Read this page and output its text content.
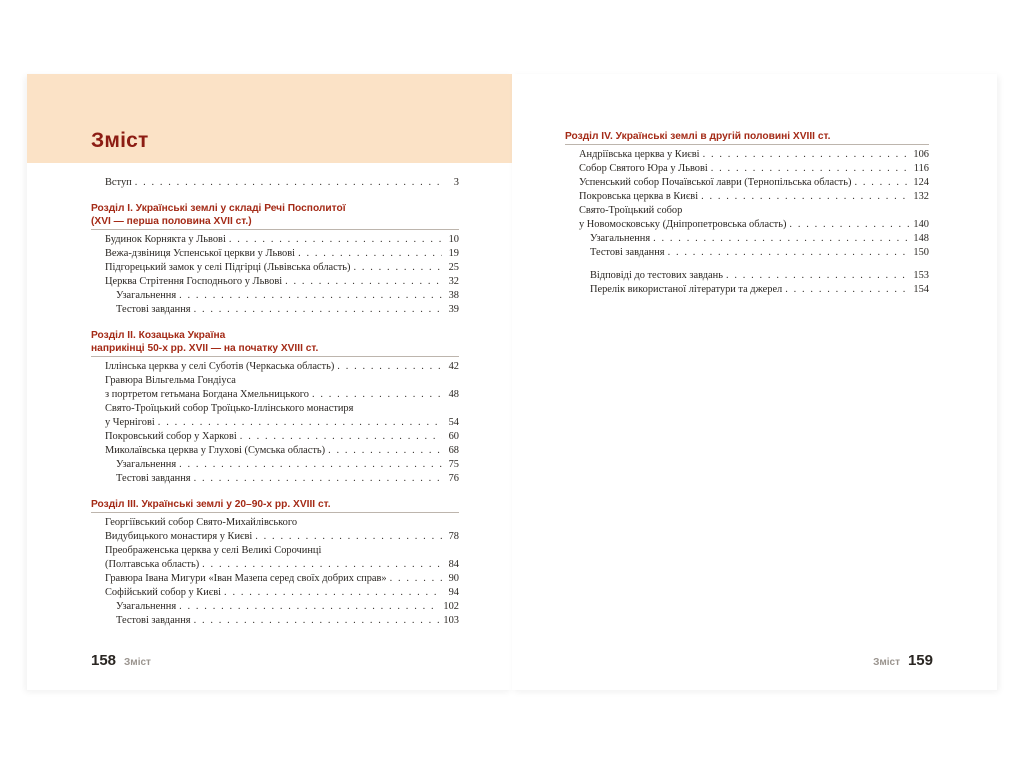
Зміст
Вступ . . .	3
Розділ I. Українські землі у складі Речі Посполитої
(XVI — перша половина XVII ст.)
Будинок Корнякта у Львові . . .	10
Вежа-дзвіниця Успенської церкви у Львові . . .	19
Підгорецький замок у селі Підгірці (Львівська область) . . .	25
Церква Стрітення Господнього у Львові . . .	32
Узагальнення . . .	38
Тестові завдання . . .	39
Розділ II. Козацька Україна
наприкінці 50-х рр. XVII — на початку XVIII ст.
Іллінська церква у селі Суботів (Черкаська область) . . .	42
Гравюра Вільгельма Гондіуса
з портретом гетьмана Богдана Хмельницького . . .	48
Свято-Троїцький собор Троїцько-Іллінського монастиря
у Чернігові . . .	54
Покровський собор у Харкові . . .	60
Миколаївська церква у Глухові (Сумська область) . . .	68
Узагальнення . . .	75
Тестові завдання . . .	76
Розділ III. Українські землі у 20–90-х рр. XVIII ст.
Георгіївський собор Свято-Михайлівського
Видубицького монастиря у Києві . . .	78
Преображенська церква у селі Великі Сорочинці
(Полтавська область) . . .	84
Гравюра Івана Мигури «Іван Мазепа серед своїх добрих справ» . . .	90
Софійський собор у Києві . . .	94
Узагальнення . . .	102
Тестові завдання . . .	103
158 Зміст
Розділ IV. Українські землі в другій половині XVIII ст.
Андріївська церква у Києві . . .	106
Собор Святого Юра у Львові . . .	116
Успенський собор Почаївської лаври (Тернопільська область) . . .	124
Покровська церква в Києві . . .	132
Свято-Троїцький собор
у Новомосковську (Дніпропетровська область) . . .	140
Узагальнення . . .	148
Тестові завдання . . .	150
Відповіді до тестових завдань . . .	153
Перелік використаної літератури та джерел . . .	154
Зміст 159
